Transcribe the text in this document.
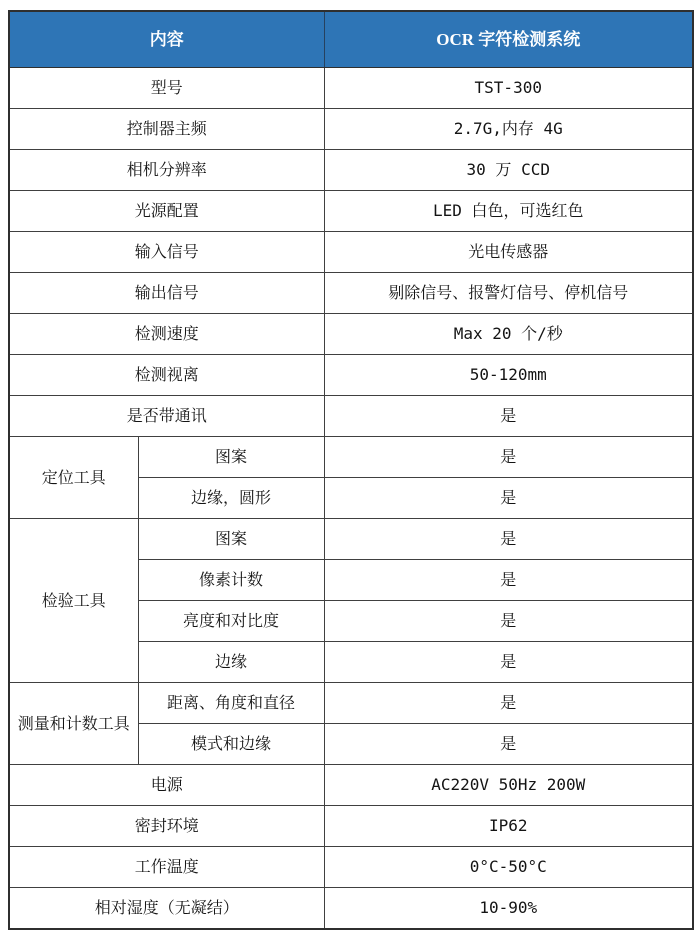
内容		OCR 字符检测系统
型号		TST-300
控制器主频		2.7G,内存 4G
相机分辨率		30 万 CCD
光源配置		LED 白色，可选红色
输入信号		光电传感器
输出信号		剔除信号、报警灯信号、停机信号
检测速度		Max 20 个/秒
检测视离		50-120mm
是否带通讯		是
定位工具	图案	是
	边缘，圆形	是
检验工具	图案	是
	像素计数	是
	亮度和对比度	是
	边缘	是
测量和计数工具	距离、角度和直径	是
	模式和边缘	是
电源		AC220V 50Hz 200W
密封环境		IP62
工作温度		0°C-50°C
相对湿度（无凝结）		10-90%
